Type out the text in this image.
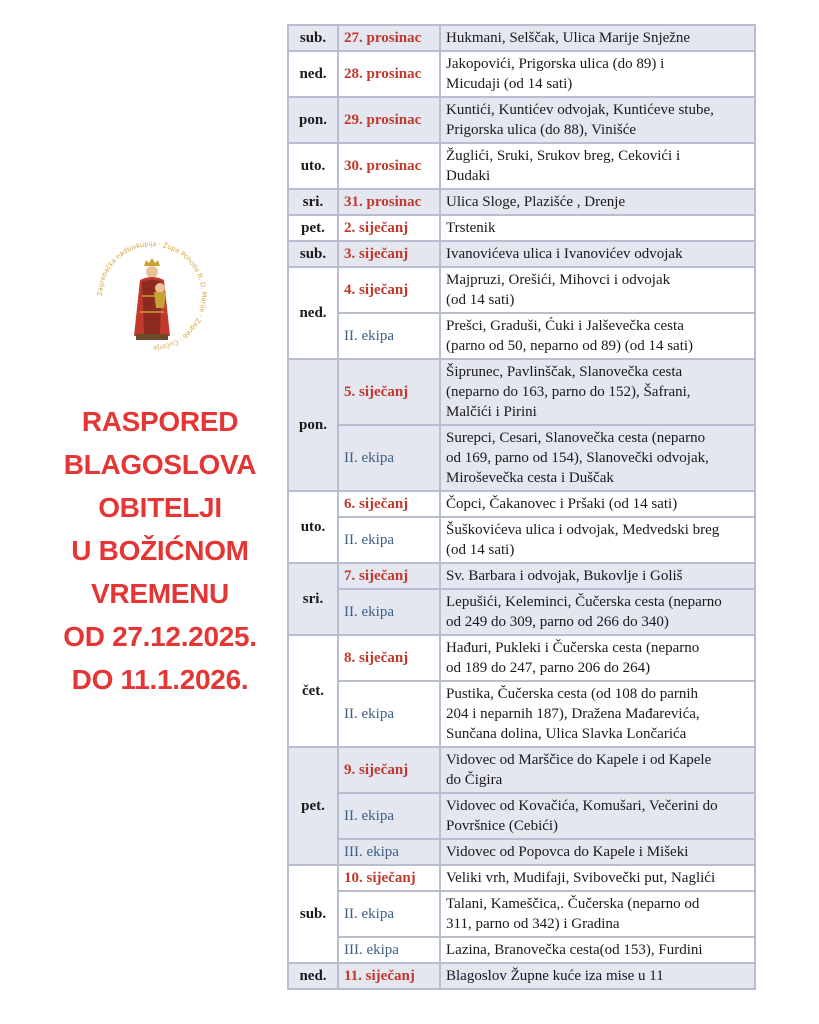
Zagrebačka nadbiskupija · Župa Pohoda B. D. Marije · Zagreb · Čučerje
RASPORED
BLAGOSLOVA
OBITELJI
U BOŽIĆNOM
VREMENU
OD 27.12.2025.
DO 11.1.2026.
sub.	27. prosinac	Hukmani, Selščak, Ulica Marije Snježne

ned.	28. prosinac	Jakopovići, Prigorska ulica (do 89) i
Micudaji (od 14 sati)

pon.	29. prosinac	Kuntići, Kuntićev odvojak, Kuntićeve stube,
Prigorska ulica (do 88), Vinišće

uto.	30. prosinac	Žuglići, Sruki, Srukov breg, Cekovići i
Dudaki

sri.	31. prosinac	Ulica Sloge, Plazišće , Drenje

pet.	2. siječanj	Trstenik

sub.	3. siječanj	Ivanovićeva ulica i Ivanovićev odvojak

ned.	4. siječanj	Majpruzi, Orešići, Mihovci i odvojak
(od 14 sati)

	II. ekipa	Prešci, Graduši, Ćuki i Jalševečka cesta
(parno od 50, neparno od 89) (od 14 sati)

pon.	5. siječanj	Šiprunec, Pavlinščak, Slanovečka cesta
(neparno do 163, parno do 152), Šafrani,
Malčići i Pirini

	II. ekipa	Surepci, Cesari, Slanovečka cesta (neparno
od 169, parno od 154), Slanovečki odvojak,
Miroševečka cesta i Duščak

uto.	6. siječanj	Čopci, Čakanovec i Pršaki (od 14 sati)

	II. ekipa	Šuškovićeva ulica i odvojak, Medvedski breg
(od 14 sati)

sri.	7. siječanj	Sv. Barbara i odvojak, Bukovlje i Goliš

	II. ekipa	Lepušići, Keleminci, Čučerska cesta (neparno
od 249 do 309, parno od 266 do 340)

čet.	8. siječanj	Hađuri, Pukleki i Čučerska cesta (neparno
od 189 do 247, parno 206 do 264)

	II. ekipa	Pustika, Čučerska cesta (od 108 do parnih
204 i neparnih 187), Dražena Mađarevića,
Sunčana dolina, Ulica Slavka Lončarića

pet.	9. siječanj	Vidovec od Marščice do Kapele i od Kapele
do Čigira

	II. ekipa	Vidovec od Kovačića, Komušari, Večerini do
Površnice (Cebići)

	III. ekipa	Vidovec od Popovca do Kapele i Mišeki

sub.	10. siječanj	Veliki vrh, Mudifaji, Svibovečki put, Naglići

	II. ekipa	Talani, Kameščica,. Čučerska (neparno od
311, parno od 342) i Gradina

	III. ekipa	Lazina, Branovečka cesta(od 153), Furdini

ned.	11. siječanj	Blagoslov Župne kuće iza mise u 11
